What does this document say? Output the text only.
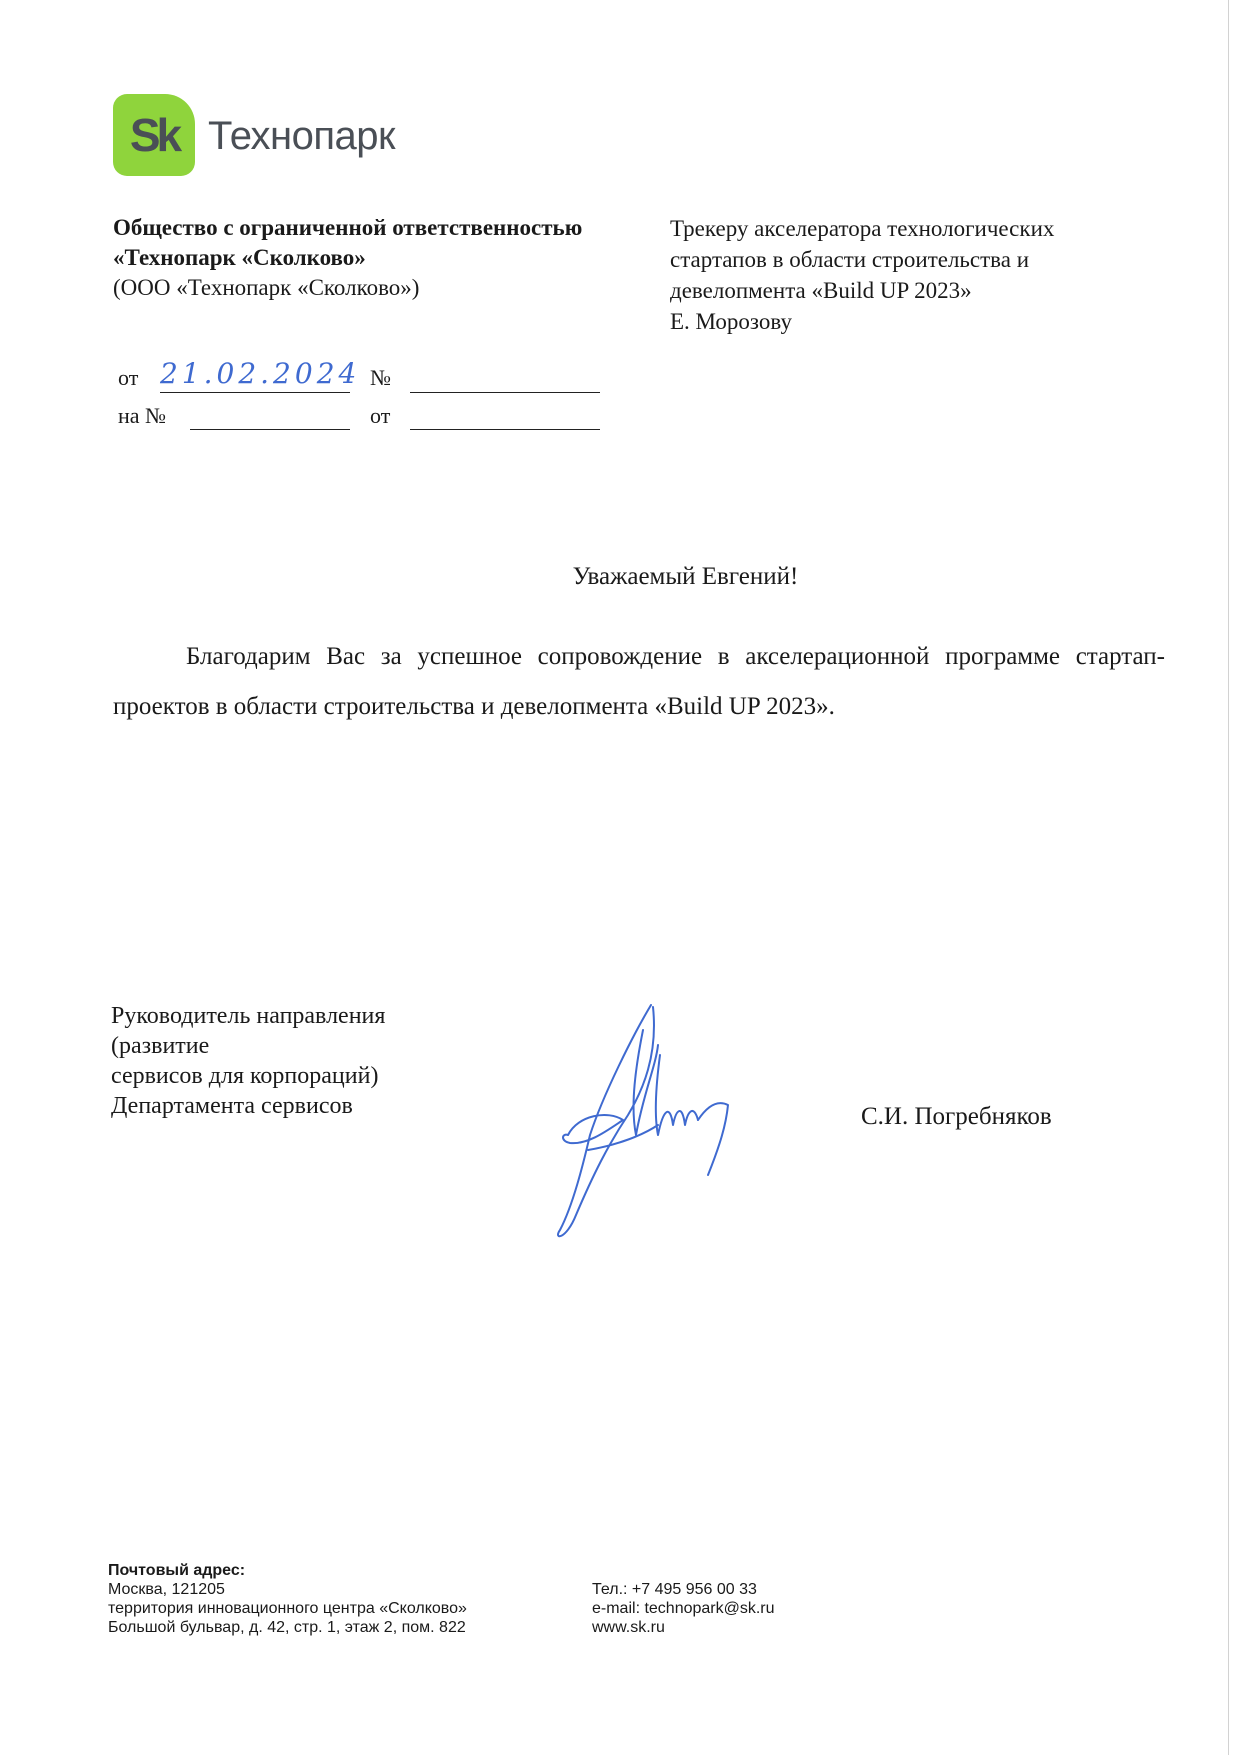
Sk Технопарк
Общество с ограниченной ответственностью
«Технопарк «Сколково»
(ООО «Технопарк «Сколково»)
Трекеру акселератора технологических
стартапов в области строительства и
девелопмента «Build UP 2023»
Е. Морозову
от 21.02.2024 №
на №	от
Уважаемый Евгений!
Благодарим Вас за успешное сопровождение в акселерационной программе стартап-проектов в области строительства и девелопмента «Build UP 2023».
Руководитель направления
(развитие
сервисов для корпораций)
Департамента сервисов	С.И. Погребняков
Почтовый адрес:
Москва, 121205
территория инновационного центра «Сколково»
Большой бульвар, д. 42, стр. 1, этаж 2, пом. 822
Тел.: +7 495 956 00 33
e-mail: technopark@sk.ru
www.sk.ru
